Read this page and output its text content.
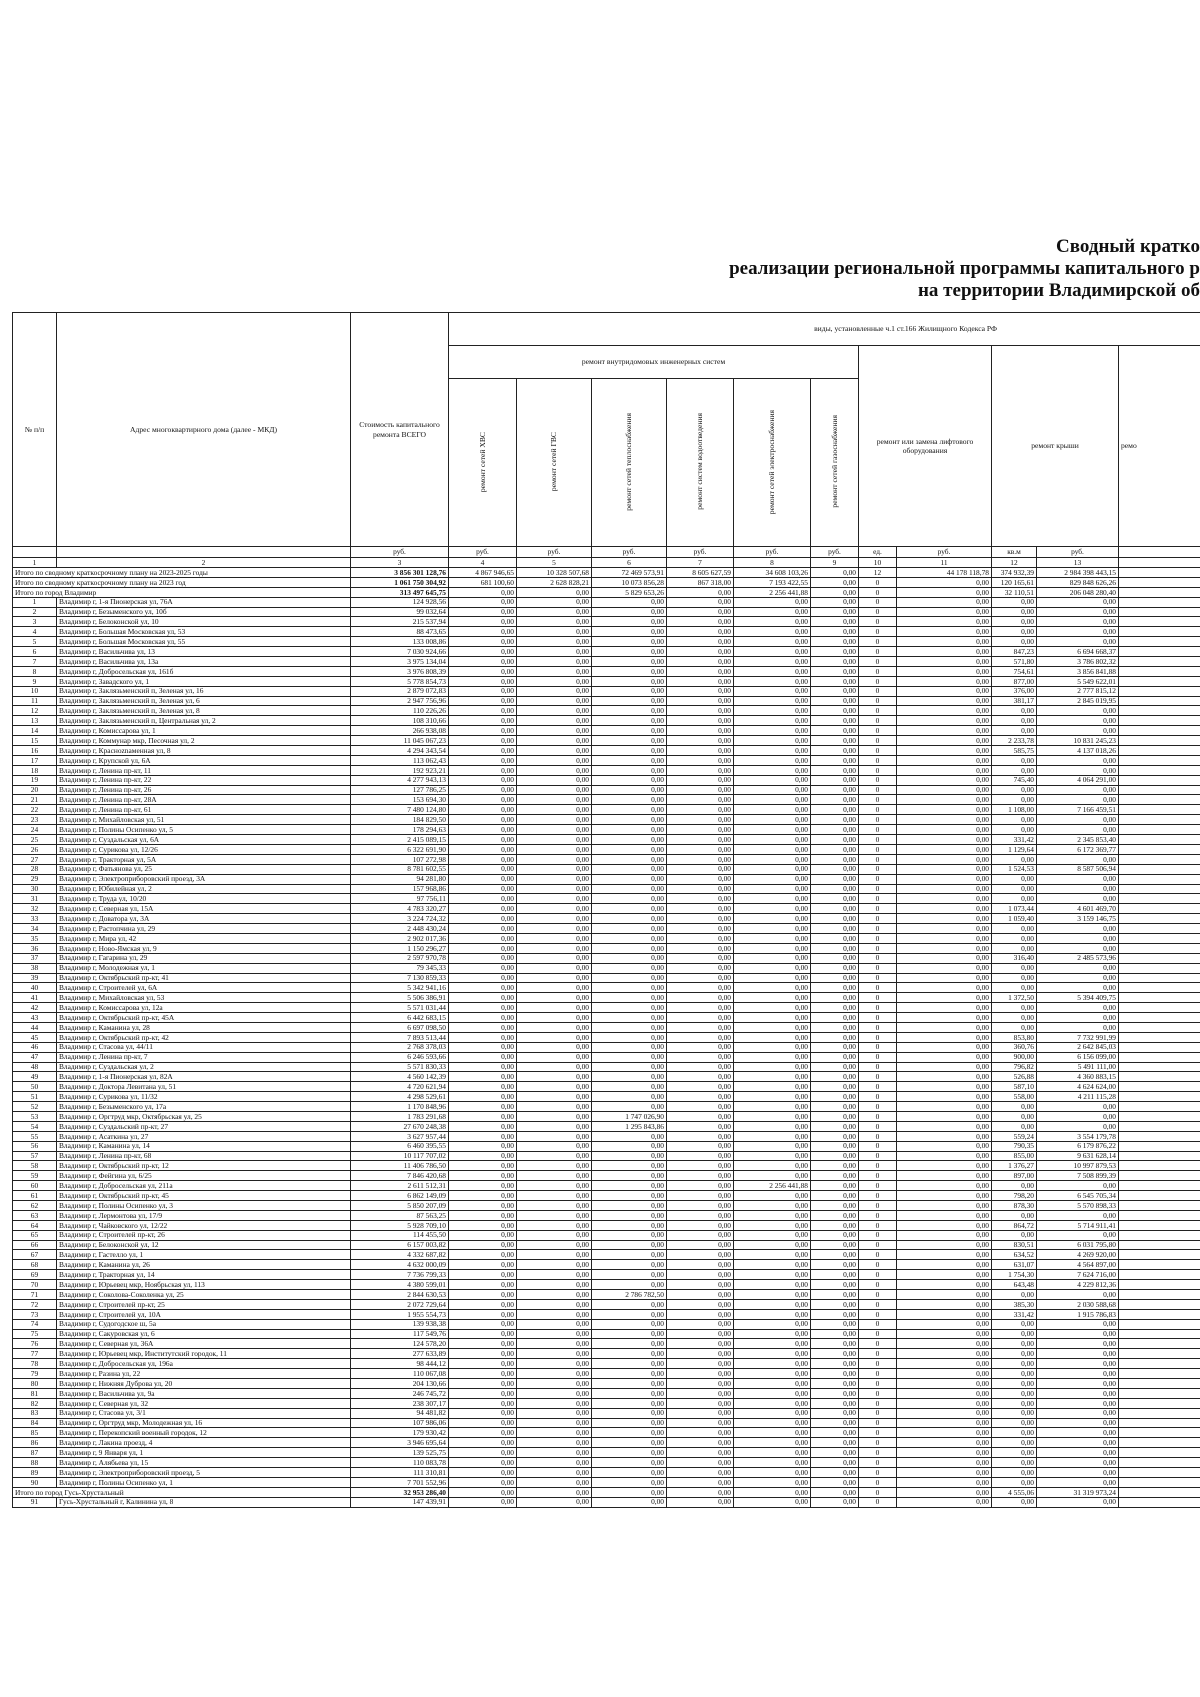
Сводный кратко
реализации региональной программы капитального р
на территории Владимирской об
№ п/п	Адрес многоквартирного дома (далее - МКД)	Стоимость капитального ремонта ВСЕГО	виды, установленные ч.1 ст.166 Жилищного Кодекса РФ										
			ремонт внутридомовых инженерных систем						ремонт или замена лифтового оборудования		ремонт крыши		ремо
			ремонт сетей ХВС	ремонт сетей ГВС	ремонт сетей теплоснабжения	ремонт систем водоотведения	ремонт сетей электроснабжения	ремонт сетей газоснабжения					
		руб.	руб.	руб.	руб.	руб.	руб.	руб.	ед.	руб.	кв.м	руб.	
1	2	3	4	5	6	7	8	9	10	11	12	13	
Итого по сводному краткосрочному плану на 2023-2025 годы		3 856 301 128,76	4 867 946,65	10 328 507,68	72 469 573,91	8 605 627,59	34 608 103,26	0,00	12	44 178 118,78	374 932,39	2 984 398 443,15	
Итого по сводному краткосрочному плану на 2023 год		1 061 750 304,92	681 100,60	2 628 828,21	10 073 856,28	867 318,00	7 193 422,55	0,00	0	0,00	120 165,61	829 848 626,26	
Итого по город Владимир		313 497 645,75	0,00	0,00	5 829 653,26	0,00	2 256 441,88	0,00	0	0,00	32 110,51	206 048 280,40	
1	Владимир г, 1-я Пионерская ул, 76А	124 928,56	0,00	0,00	0,00	0,00	0,00	0,00	0	0,00	0,00	0,00	
2	Владимир г, Безыменского ул, 10б	99 032,64	0,00	0,00	0,00	0,00	0,00	0,00	0	0,00	0,00	0,00	
3	Владимир г, Белоконской ул, 10	215 537,94	0,00	0,00	0,00	0,00	0,00	0,00	0	0,00	0,00	0,00	
4	Владимир г, Большая Московская ул, 53	88 473,65	0,00	0,00	0,00	0,00	0,00	0,00	0	0,00	0,00	0,00	
5	Владимир г, Большая Московская ул, 55	133 008,86	0,00	0,00	0,00	0,00	0,00	0,00	0	0,00	0,00	0,00	
6	Владимир г, Васильчива ул, 13	7 030 924,66	0,00	0,00	0,00	0,00	0,00	0,00	0	0,00	847,23	6 694 668,37	
7	Владимир г, Васильчива ул, 13а	3 975 134,04	0,00	0,00	0,00	0,00	0,00	0,00	0	0,00	571,80	3 786 802,32	
8	Владимир г, Добросельская ул, 161б	3 976 808,39	0,00	0,00	0,00	0,00	0,00	0,00	0	0,00	754,61	3 856 841,88	
9	Владимир г, Завадского ул, 1	5 778 854,73	0,00	0,00	0,00	0,00	0,00	0,00	0	0,00	877,00	5 549 622,01	
10	Владимир г, Заклязьменский п, Зеленая ул, 16	2 879 072,83	0,00	0,00	0,00	0,00	0,00	0,00	0	0,00	376,00	2 777 815,12	
11	Владимир г, Заклязьменский п, Зеленая ул, 6	2 947 756,96	0,00	0,00	0,00	0,00	0,00	0,00	0	0,00	381,17	2 845 019,95	
12	Владимир г, Заклязьменский п, Зеленая ул, 8	110 226,26	0,00	0,00	0,00	0,00	0,00	0,00	0	0,00	0,00	0,00	
13	Владимир г, Заклязьменский п, Центральная ул, 2	108 310,66	0,00	0,00	0,00	0,00	0,00	0,00	0	0,00	0,00	0,00	
14	Владимир г, Комиссарова ул, 1	266 938,08	0,00	0,00	0,00	0,00	0,00	0,00	0	0,00	0,00	0,00	
15	Владимир г, Коммунар мкр, Песочная ул, 2	11 045 067,23	0,00	0,00	0,00	0,00	0,00	0,00	0	0,00	2 233,78	10 831 245,23	
16	Владимир г, Красноznаменная ул, 8	4 294 343,54	0,00	0,00	0,00	0,00	0,00	0,00	0	0,00	585,75	4 137 018,26	
17	Владимир г, Крупской ул, 6А	113 062,43	0,00	0,00	0,00	0,00	0,00	0,00	0	0,00	0,00	0,00	
18	Владимир г, Ленина пр-кт, 11	192 923,21	0,00	0,00	0,00	0,00	0,00	0,00	0	0,00	0,00	0,00	
19	Владимир г, Ленина пр-кт, 22	4 277 943,13	0,00	0,00	0,00	0,00	0,00	0,00	0	0,00	745,40	4 064 291,00	
20	Владимир г, Ленина пр-кт, 26	127 786,25	0,00	0,00	0,00	0,00	0,00	0,00	0	0,00	0,00	0,00	
21	Владимир г, Ленина пр-кт, 28А	153 694,30	0,00	0,00	0,00	0,00	0,00	0,00	0	0,00	0,00	0,00	
22	Владимир г, Ленина пр-кт, 61	7 480 124,80	0,00	0,00	0,00	0,00	0,00	0,00	0	0,00	1 108,00	7 166 459,51	
23	Владимир г, Михайловская ул, 51	184 829,50	0,00	0,00	0,00	0,00	0,00	0,00	0	0,00	0,00	0,00	
24	Владимир г, Полины Осипенко ул, 5	178 294,63	0,00	0,00	0,00	0,00	0,00	0,00	0	0,00	0,00	0,00	
25	Владимир г, Суздальская ул, 6А	2 415 089,15	0,00	0,00	0,00	0,00	0,00	0,00	0	0,00	331,42	2 345 853,40	
26	Владимир г, Сурикова ул, 12/26	6 322 691,90	0,00	0,00	0,00	0,00	0,00	0,00	0	0,00	1 129,64	6 172 369,77	
27	Владимир г, Тракторная ул, 5А	107 272,98	0,00	0,00	0,00	0,00	0,00	0,00	0	0,00	0,00	0,00	
28	Владимир г, Фатьянова ул, 25	8 781 602,55	0,00	0,00	0,00	0,00	0,00	0,00	0	0,00	1 524,53	8 587 506,94	
29	Владимир г, Электроприборовский проезд, 3А	94 281,80	0,00	0,00	0,00	0,00	0,00	0,00	0	0,00	0,00	0,00	
30	Владимир г, Юбилейная ул, 2	157 968,86	0,00	0,00	0,00	0,00	0,00	0,00	0	0,00	0,00	0,00	
31	Владимир г, Труда ул, 10/20	97 756,11	0,00	0,00	0,00	0,00	0,00	0,00	0	0,00	0,00	0,00	
32	Владимир г, Северная ул, 15А	4 783 320,27	0,00	0,00	0,00	0,00	0,00	0,00	0	0,00	1 073,44	4 601 469,70	
33	Владимир г, Доватора ул, 3А	3 224 724,32	0,00	0,00	0,00	0,00	0,00	0,00	0	0,00	1 059,40	3 159 146,75	
34	Владимир г, Растопчина ул, 29	2 448 430,24	0,00	0,00	0,00	0,00	0,00	0,00	0	0,00	0,00	0,00	
35	Владимир г, Мира ул, 42	2 902 017,36	0,00	0,00	0,00	0,00	0,00	0,00	0	0,00	0,00	0,00	
36	Владимир г, Ново-Ямская ул, 9	1 150 296,27	0,00	0,00	0,00	0,00	0,00	0,00	0	0,00	0,00	0,00	
37	Владимир г, Гагарина ул, 29	2 597 970,78	0,00	0,00	0,00	0,00	0,00	0,00	0	0,00	316,40	2 485 573,96	
38	Владимир г, Молодежная ул, 1	79 345,33	0,00	0,00	0,00	0,00	0,00	0,00	0	0,00	0,00	0,00	
39	Владимир г, Октябрьский пр-кт, 41	7 130 859,33	0,00	0,00	0,00	0,00	0,00	0,00	0	0,00	0,00	0,00	
40	Владимир г, Строителей ул, 6А	5 342 941,16	0,00	0,00	0,00	0,00	0,00	0,00	0	0,00	0,00	0,00	
41	Владимир г, Михайловская ул, 53	5 506 386,91	0,00	0,00	0,00	0,00	0,00	0,00	0	0,00	1 372,50	5 394 409,75	
42	Владимир г, Комиссарова ул, 12а	5 571 031,44	0,00	0,00	0,00	0,00	0,00	0,00	0	0,00	0,00	0,00	
43	Владимир г, Октябрьский пр-кт, 45А	6 442 683,15	0,00	0,00	0,00	0,00	0,00	0,00	0	0,00	0,00	0,00	
44	Владимир г, Каманина ул, 28	6 697 098,50	0,00	0,00	0,00	0,00	0,00	0,00	0	0,00	0,00	0,00	
45	Владимир г, Октябрьский пр-кт, 42	7 893 513,44	0,00	0,00	0,00	0,00	0,00	0,00	0	0,00	853,80	7 732 991,99	
46	Владимир г, Стасова ул, 44/11	2 768 378,03	0,00	0,00	0,00	0,00	0,00	0,00	0	0,00	360,76	2 642 845,03	
47	Владимир г, Ленина пр-кт, 7	6 246 593,66	0,00	0,00	0,00	0,00	0,00	0,00	0	0,00	900,00	6 156 099,00	
48	Владимир г, Суздальская ул, 2	5 571 830,33	0,00	0,00	0,00	0,00	0,00	0,00	0	0,00	796,82	5 491 111,00	
49	Владимир г, 1-я Пионерская ул, 82А	4 560 142,39	0,00	0,00	0,00	0,00	0,00	0,00	0	0,00	526,88	4 360 883,15	
50	Владимир г, Доктора Левитана ул, 51	4 720 621,94	0,00	0,00	0,00	0,00	0,00	0,00	0	0,00	587,10	4 624 624,00	
51	Владимир г, Сурикова ул, 11/32	4 298 529,61	0,00	0,00	0,00	0,00	0,00	0,00	0	0,00	558,00	4 211 115,28	
52	Владимир г, Безыменского ул, 17а	1 170 848,96	0,00	0,00	0,00	0,00	0,00	0,00	0	0,00	0,00	0,00	
53	Владимир г, Оргтруд мкр, Октябрьская ул, 25	1 783 291,68	0,00	0,00	1 747 026,90	0,00	0,00	0,00	0	0,00	0,00	0,00	
54	Владимир г, Суздальский пр-кт, 27	27 670 248,38	0,00	0,00	1 295 843,86	0,00	0,00	0,00	0	0,00	0,00	0,00	
55	Владимир г, Асаткина ул, 27	3 627 957,44	0,00	0,00	0,00	0,00	0,00	0,00	0	0,00	559,24	3 554 179,78	
56	Владимир г, Каманина ул, 14	6 460 395,55	0,00	0,00	0,00	0,00	0,00	0,00	0	0,00	790,35	6 179 876,22	
57	Владимир г, Ленина пр-кт, 68	10 117 707,02	0,00	0,00	0,00	0,00	0,00	0,00	0	0,00	855,00	9 631 628,14	
58	Владимир г, Октябрьский пр-кт, 12	11 406 786,50	0,00	0,00	0,00	0,00	0,00	0,00	0	0,00	1 376,27	10 997 879,53	
59	Владимир г, Фейгина ул, 6/25	7 846 420,68	0,00	0,00	0,00	0,00	0,00	0,00	0	0,00	897,00	7 508 899,39	
60	Владимир г, Добросельская ул, 211а	2 611 512,31	0,00	0,00	0,00	0,00	2 256 441,88	0,00	0	0,00	0,00	0,00	
61	Владимир г, Октябрьский пр-кт, 45	6 862 149,09	0,00	0,00	0,00	0,00	0,00	0,00	0	0,00	798,20	6 545 705,34	
62	Владимир г, Полины Осипенко ул, 3	5 850 207,09	0,00	0,00	0,00	0,00	0,00	0,00	0	0,00	878,30	5 570 898,33	
63	Владимир г, Лермонтова ул, 17/9	87 563,25	0,00	0,00	0,00	0,00	0,00	0,00	0	0,00	0,00	0,00	
64	Владимир г, Чайковского ул, 12/22	5 928 709,10	0,00	0,00	0,00	0,00	0,00	0,00	0	0,00	864,72	5 714 911,41	
65	Владимир г, Строителей пр-кт, 26	114 455,50	0,00	0,00	0,00	0,00	0,00	0,00	0	0,00	0,00	0,00	
66	Владимир г, Белоконской ул, 12	6 157 003,82	0,00	0,00	0,00	0,00	0,00	0,00	0	0,00	830,51	6 031 795,80	
67	Владимир г, Гастелло ул, 1	4 332 687,82	0,00	0,00	0,00	0,00	0,00	0,00	0	0,00	634,52	4 269 920,00	
68	Владимир г, Каманина ул, 26	4 632 000,09	0,00	0,00	0,00	0,00	0,00	0,00	0	0,00	631,07	4 564 897,00	
69	Владимир г, Тракторная ул, 14	7 736 799,33	0,00	0,00	0,00	0,00	0,00	0,00	0	0,00	1 754,30	7 624 716,00	
70	Владимир г, Юрьевец мкр, Ноябрьская ул, 113	4 380 599,01	0,00	0,00	0,00	0,00	0,00	0,00	0	0,00	643,48	4 229 812,36	
71	Владимир г, Соколова-Соколенка ул, 25	2 844 630,53	0,00	0,00	2 786 782,50	0,00	0,00	0,00	0	0,00	0,00	0,00	
72	Владимир г, Строителей пр-кт, 25	2 072 729,64	0,00	0,00	0,00	0,00	0,00	0,00	0	0,00	385,30	2 030 588,68	
73	Владимир г, Строителей ул, 10А	1 955 554,73	0,00	0,00	0,00	0,00	0,00	0,00	0	0,00	331,42	1 915 786,83	
74	Владимир г, Судогодское ш, 5а	139 938,38	0,00	0,00	0,00	0,00	0,00	0,00	0	0,00	0,00	0,00	
75	Владимир г, Сакуровская ул, 6	117 549,76	0,00	0,00	0,00	0,00	0,00	0,00	0	0,00	0,00	0,00	
76	Владимир г, Северная ул, 36А	124 578,20	0,00	0,00	0,00	0,00	0,00	0,00	0	0,00	0,00	0,00	
77	Владимир г, Юрьевец мкр, Институтский городок, 11	277 633,89	0,00	0,00	0,00	0,00	0,00	0,00	0	0,00	0,00	0,00	
78	Владимир г, Добросельская ул, 196а	98 444,12	0,00	0,00	0,00	0,00	0,00	0,00	0	0,00	0,00	0,00	
79	Владимир г, Разина ул, 22	110 067,08	0,00	0,00	0,00	0,00	0,00	0,00	0	0,00	0,00	0,00	
80	Владимир г, Нижняя Дуброва ул, 20	204 130,66	0,00	0,00	0,00	0,00	0,00	0,00	0	0,00	0,00	0,00	
81	Владимир г, Васильчива ул, 9а	246 745,72	0,00	0,00	0,00	0,00	0,00	0,00	0	0,00	0,00	0,00	
82	Владимир г, Северная ул, 32	238 307,17	0,00	0,00	0,00	0,00	0,00	0,00	0	0,00	0,00	0,00	
83	Владимир г, Стасова ул, 3/1	94 481,82	0,00	0,00	0,00	0,00	0,00	0,00	0	0,00	0,00	0,00	
84	Владимир г, Оргтруд мкр, Молодежная ул, 16	107 986,06	0,00	0,00	0,00	0,00	0,00	0,00	0	0,00	0,00	0,00	
85	Владимир г, Перекопский военный городок, 12	179 930,42	0,00	0,00	0,00	0,00	0,00	0,00	0	0,00	0,00	0,00	
86	Владимир г, Лакина проезд, 4	3 946 695,64	0,00	0,00	0,00	0,00	0,00	0,00	0	0,00	0,00	0,00	
87	Владимир г, 9 Января ул, 1	139 525,75	0,00	0,00	0,00	0,00	0,00	0,00	0	0,00	0,00	0,00	
88	Владимир г, Алябьева ул, 15	110 083,78	0,00	0,00	0,00	0,00	0,00	0,00	0	0,00	0,00	0,00	
89	Владимир г, Электроприборовский проезд, 5	111 310,81	0,00	0,00	0,00	0,00	0,00	0,00	0	0,00	0,00	0,00	
90	Владимир г, Полины Осипенко ул, 1	7 701 552,96	0,00	0,00	0,00	0,00	0,00	0,00	0	0,00	0,00	0,00	
Итого по город Гусь-Хрустальный		32 953 286,40	0,00	0,00	0,00	0,00	0,00	0,00	0	0,00	4 555,06	31 319 973,24	
91	Гусь-Хрустальный г, Калинина ул, 8	147 439,91	0,00	0,00	0,00	0,00	0,00	0,00	0	0,00	0,00	0,00	
